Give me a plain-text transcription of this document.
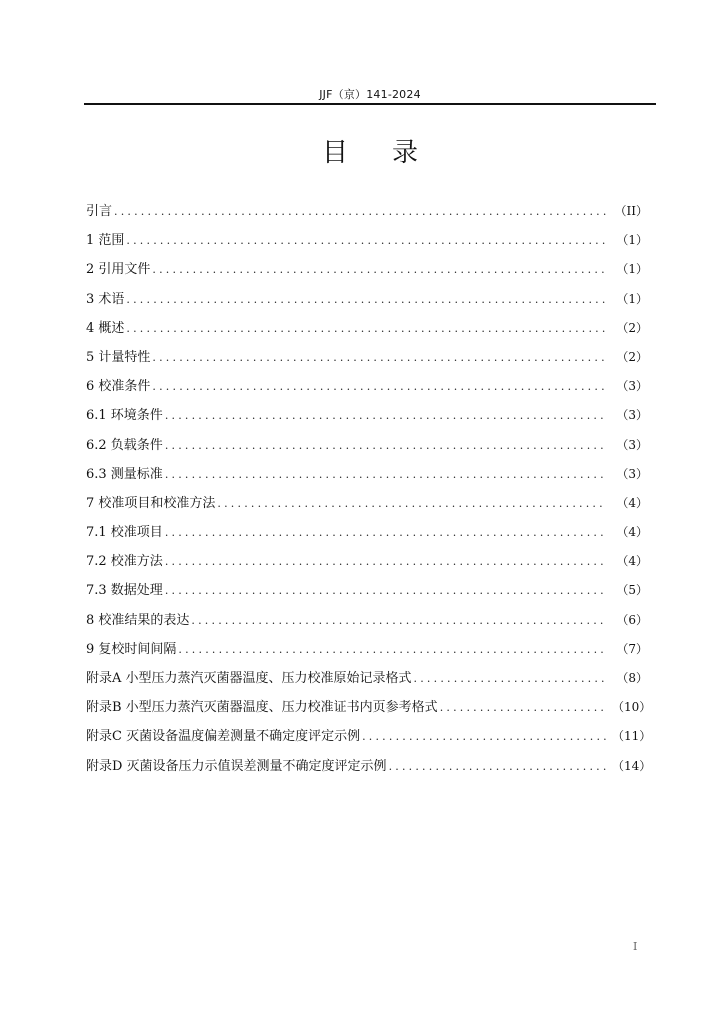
JJF（京）141-2024
目录
引言 .....	（II）
1 范围 .....	（1）
2 引用文件 .....	（1）
3 术语 .....	（1）
4 概述 .....	（2）
5 计量特性 .....	（2）
6 校准条件 .....	（3）
6.1 环境条件 .....	（3）
6.2 负载条件 .....	（3）
6.3 测量标准 .....	（3）
7 校准项目和校准方法 .....	（4）
7.1 校准项目 .....	（4）
7.2 校准方法 .....	（4）
7.3 数据处理 .....	（5）
8 校准结果的表达 .....	（6）
9 复校时间间隔 .....	（7）
附录A 小型压力蒸汽灭菌器温度、压力校准原始记录格式 .....	（8）
附录B 小型压力蒸汽灭菌器温度、压力校准证书内页参考格式 .....	（10）
附录C 灭菌设备温度偏差测量不确定度评定示例 .....	（11）
附录D 灭菌设备压力示值误差测量不确定度评定示例 .....	（14）
I
